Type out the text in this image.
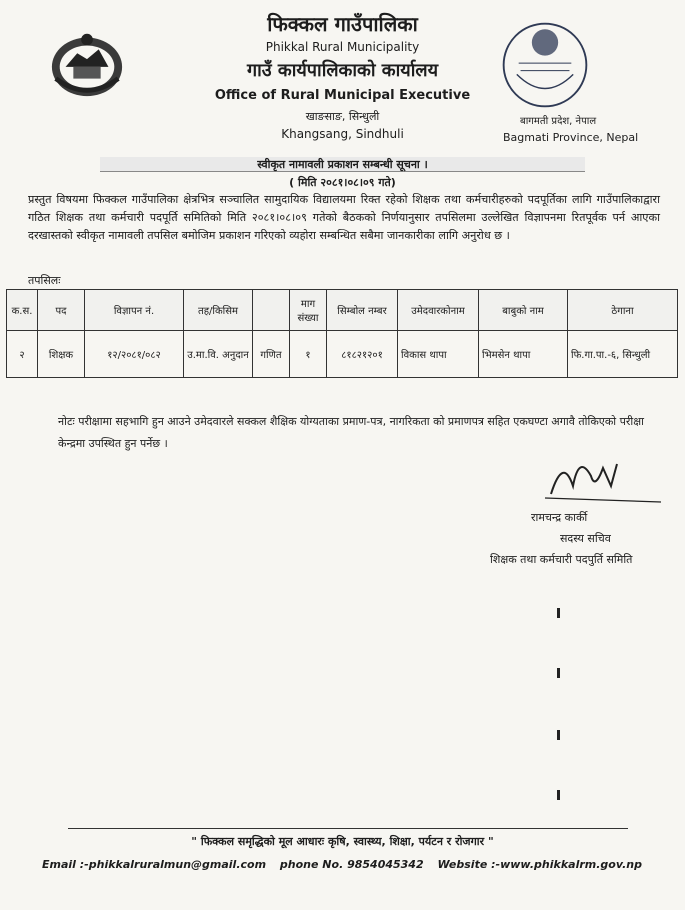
फिक्कल गाउँपालिका
Phikkal Rural Municipality
गाउँ कार्यपालिकाको कार्यालय
Office of Rural Municipal Executive
खाङसाङ, सिन्धुली
Khangsang, Sindhuli
बागमती प्रदेश, नेपाल
Bagmati Province, Nepal
स्वीकृत नामावली प्रकाशन सम्बन्धी सूचना ।
( मिति २०८१।०८।०९ गते)
प्रस्तुत विषयमा फिक्कल गाउँपालिका क्षेत्रभित्र सञ्चालित सामुदायिक विद्यालयमा रिक्त रहेको शिक्षक तथा कर्मचारीहरुको पदपूर्तिका लागि गाउँपालिकाद्वारा गठित शिक्षक तथा कर्मचारी पदपूर्ति समितिको मिति २०८१।०८।०९ गतेको बैठकको निर्णयानुसार तपसिलमा उल्लेखित विज्ञापनमा रितपूर्वक पर्न आएका दरखास्तको स्वीकृत नामावली तपसिल बमोजिम प्रकाशन गरिएको व्यहोरा सम्बन्धित सबैमा जानकारीका लागि अनुरोध छ ।
तपसिलः
क.स.	पद	विज्ञापन नं.	तह/किसिम		माग संख्या	सिम्बोल नम्बर	उमेदवारकोनाम	बाबुको नाम	ठेगाना
२	शिक्षक	१२/२०८१/०८२	उ.मा.वि. अनुदान	गणित	१	८१८२१२०१	विकास थापा	भिमसेन थापा	फि.गा.पा.-६, सिन्धुली
नोटः परीक्षामा सहभागि हुन आउने उमेदवारले सक्कल शैक्षिक योग्यताका प्रमाण-पत्र, नागरिकता को प्रमाणपत्र सहित एकघण्टा अगावै तोकिएको परीक्षा केन्द्रमा उपस्थित हुन पर्नेछ ।
रामचन्द्र कार्की
सदस्य सचिव
शिक्षक तथा कर्मचारी पदपुर्ति समिति
" फिक्कल समृद्धिको मूल आधारः कृषि, स्वास्थ्य, शिक्षा, पर्यटन र रोजगार "
Email :-phikkalruralmun@gmail.com phone No. 9854045342 Website :-www.phikkalrm.gov.np
